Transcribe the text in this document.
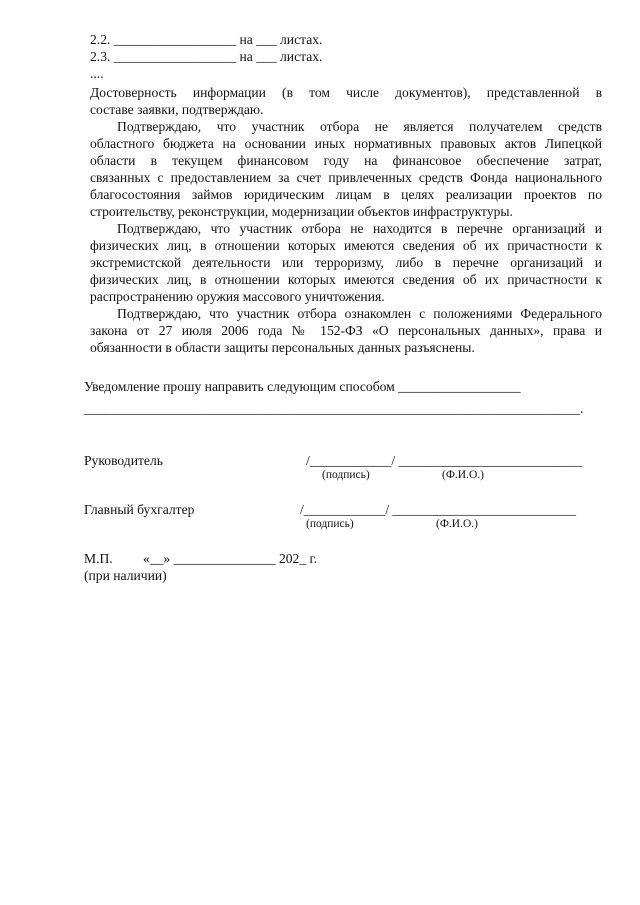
2.2. __________________ на ___ листах.
2.3. __________________ на ___ листах.
....
Достоверность информации (в том числе документов), представленной в
составе заявки, подтверждаю.
Подтверждаю, что участник отбора не является получателем средств
областного бюджета на основании иных нормативных правовых актов Липецкой
области в текущем финансовом году на финансовое обеспечение затрат,
связанных с предоставлением за счет привлеченных средств Фонда национального
благосостояния займов юридическим лицам в целях реализации проектов по
строительству, реконструкции, модернизации объектов инфраструктуры.
Подтверждаю, что участник отбора не находится в перечне организаций и
физических лиц, в отношении которых имеются сведения об их причастности к
экстремистской деятельности или терроризму, либо в перечне организаций и
физических лиц, в отношении которых имеются сведения об их причастности к
распространению оружия массового уничтожения.
Подтверждаю, что участник отбора ознакомлен с положениями Федерального
закона от 27 июля 2006 года № 152-ФЗ «О персональных данных», права и
обязанности в области защиты персональных данных разъяснены.
Уведомление прошу направить следующим способом __________________
_________________________________________________________________________.
Руководитель	/____________/ ___________________________
(подпись)	(Ф.И.О.)
Главный бухгалтер	/____________/ ___________________________
(подпись)	(Ф.И.О.)
М.П. «__» _______________ 202_ г.
(при наличии)
